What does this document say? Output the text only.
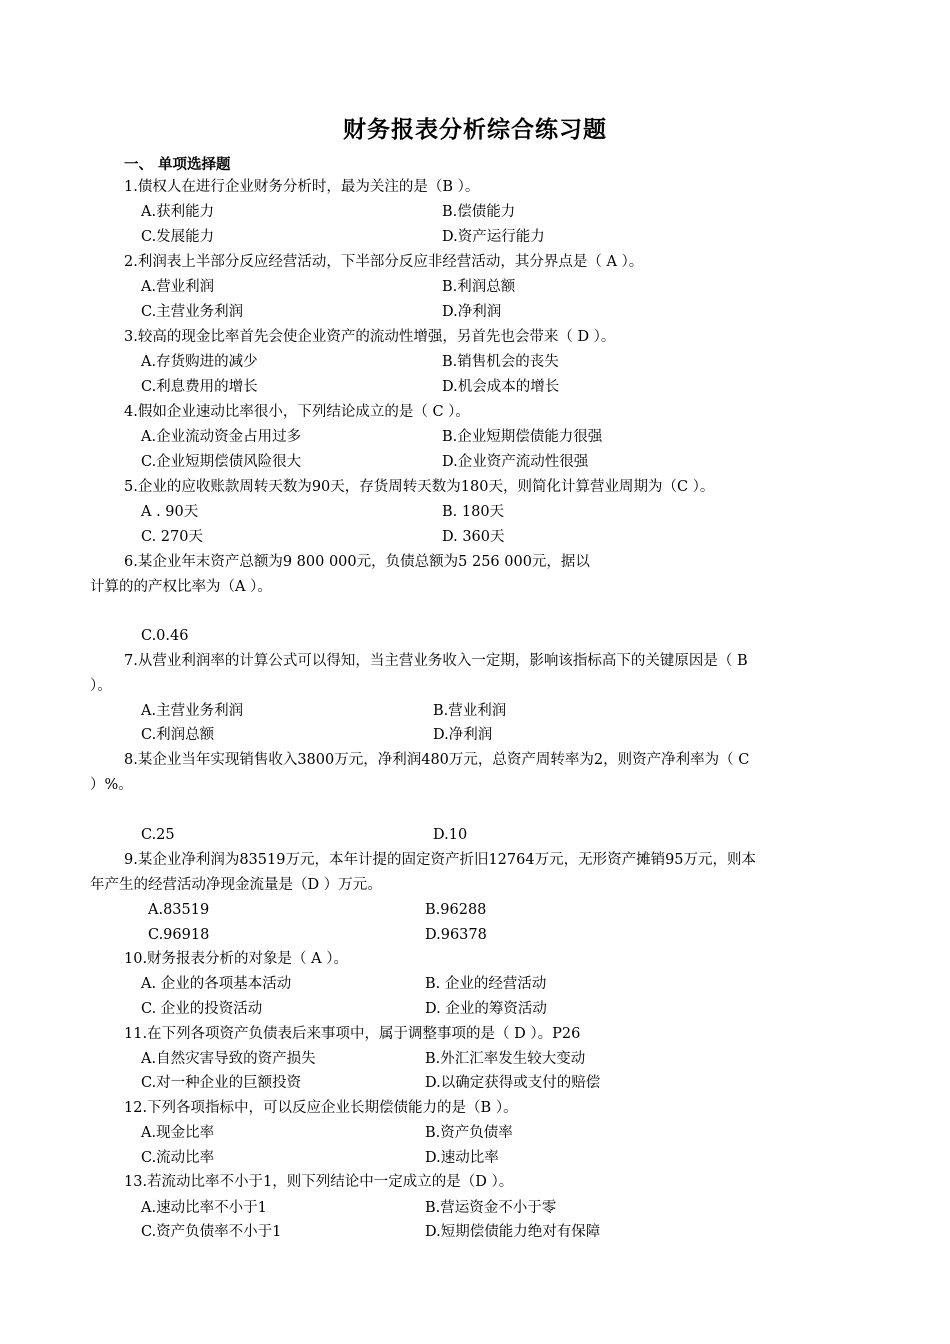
财务报表分析综合练习题
一、 单项选择题
1.债权人在进行企业财务分析时，最为关注的是（B ）。
A.获利能力	B.偿债能力
C.发展能力	D.资产运行能力
2.利润表上半部分反应经营活动，下半部分反应非经营活动，其分界点是（ A ）。
A.营业利润	B.利润总额
C.主营业务利润	D.净利润
3.较高的现金比率首先会使企业资产的流动性增强，另首先也会带来（ D ）。
A.存货购进的减少	B.销售机会的丧失
C.利息费用的增长	D.机会成本的增长
4.假如企业速动比率很小，下列结论成立的是（ C ）。
A.企业流动资金占用过多	B.企业短期偿债能力很强
C.企业短期偿债风险很大	D.企业资产流动性很强
5.企业的应收账款周转天数为90天，存货周转天数为180天，则简化计算营业周期为（C ）。
A . 90天	B. 180天
C. 270天	D. 360天
6.某企业年末资产总额为9 800 000元，负债总额为5 256 000元，据以
计算的的产权比率为（A ）。
C.0.46
7.从营业利润率的计算公式可以得知，当主营业务收入一定期，影响该指标高下的关键原因是（ B
）。
A.主营业务利润	B.营业利润
C.利润总额	D.净利润
8.某企业当年实现销售收入3800万元，净利润480万元，总资产周转率为2，则资产净利率为（ C
）%。
C.25	D.10
9.某企业净利润为83519万元，本年计提的固定资产折旧12764万元，无形资产摊销95万元，则本
年产生的经营活动净现金流量是（D ）万元。
A.83519	B.96288
C.96918	D.96378
10.财务报表分析的对象是（ A ）。
A. 企业的各项基本活动	B. 企业的经营活动
C. 企业的投资活动	D. 企业的筹资活动
11.在下列各项资产负债表后来事项中，属于调整事项的是（ D ）。P26
A.自然灾害导致的资产损失	B.外汇汇率发生较大变动
C.对一种企业的巨额投资	D.以确定获得或支付的赔偿
12.下列各项指标中，可以反应企业长期偿债能力的是（B ）。
A.现金比率	B.资产负债率
C.流动比率	D.速动比率
13.若流动比率不小于1，则下列结论中一定成立的是（D ）。
A.速动比率不小于1	B.营运资金不小于零
C.资产负债率不小于1	D.短期偿债能力绝对有保障
